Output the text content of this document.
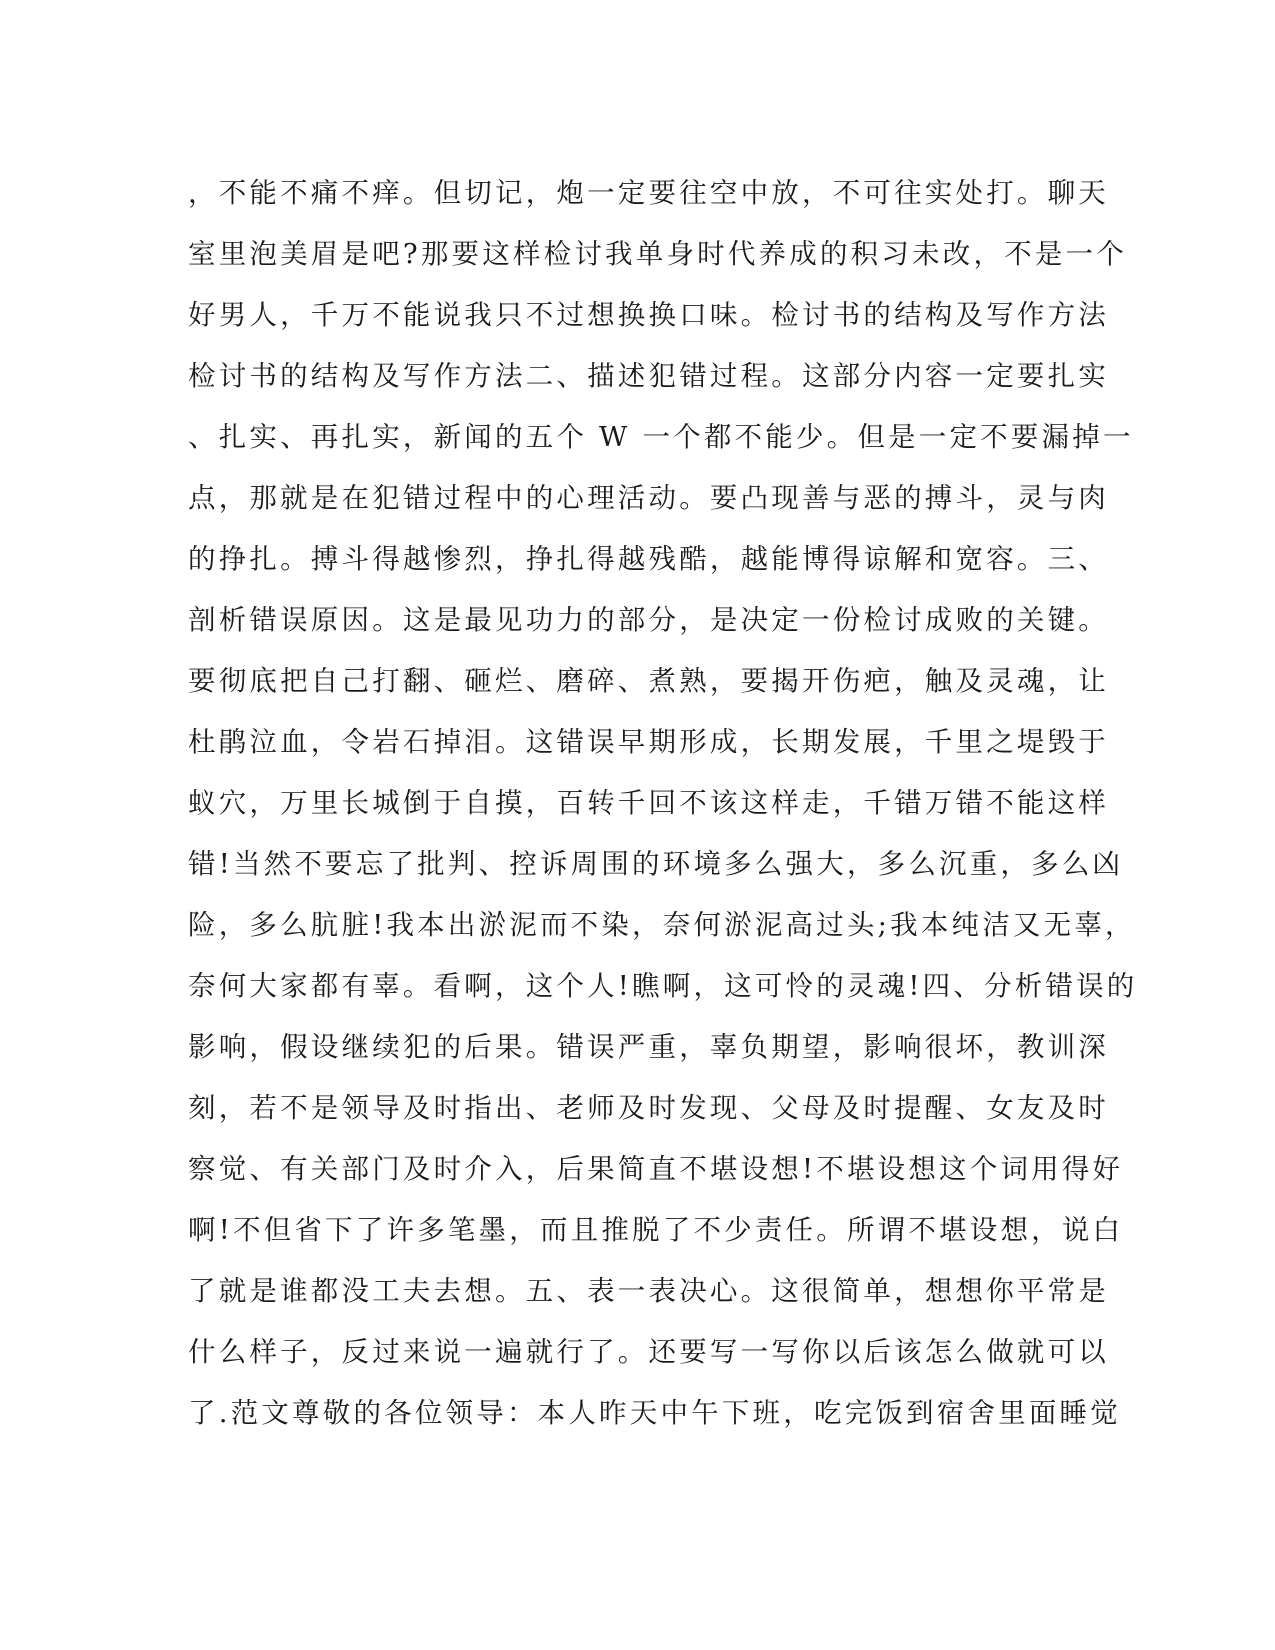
，不能不痛不痒。但切记，炮一定要往空中放，不可往实处打。聊天
室里泡美眉是吧?那要这样检讨我单身时代养成的积习未改，不是一个
好男人，千万不能说我只不过想换换口味。检讨书的结构及写作方法
检讨书的结构及写作方法二、描述犯错过程。这部分内容一定要扎实
、扎实、再扎实，新闻的五个 W 一个都不能少。但是一定不要漏掉一
点，那就是在犯错过程中的心理活动。要凸现善与恶的搏斗，灵与肉
的挣扎。搏斗得越惨烈，挣扎得越残酷，越能博得谅解和宽容。三、
剖析错误原因。这是最见功力的部分，是决定一份检讨成败的关键。
要彻底把自己打翻、砸烂、磨碎、煮熟，要揭开伤疤，触及灵魂，让
杜鹃泣血，令岩石掉泪。这错误早期形成，长期发展，千里之堤毁于
蚁穴，万里长城倒于自摸，百转千回不该这样走，千错万错不能这样
错!当然不要忘了批判、控诉周围的环境多么强大，多么沉重，多么凶
险，多么肮脏!我本出淤泥而不染，奈何淤泥高过头;我本纯洁又无辜，
奈何大家都有辜。看啊，这个人!瞧啊，这可怜的灵魂!四、分析错误的
影响，假设继续犯的后果。错误严重，辜负期望，影响很坏，教训深
刻，若不是领导及时指出、老师及时发现、父母及时提醒、女友及时
察觉、有关部门及时介入，后果简直不堪设想!不堪设想这个词用得好
啊!不但省下了许多笔墨，而且推脱了不少责任。所谓不堪设想，说白
了就是谁都没工夫去想。五、表一表决心。这很简单，想想你平常是
什么样子，反过来说一遍就行了。还要写一写你以后该怎么做就可以
了.范文尊敬的各位领导：本人昨天中午下班，吃完饭到宿舍里面睡觉
